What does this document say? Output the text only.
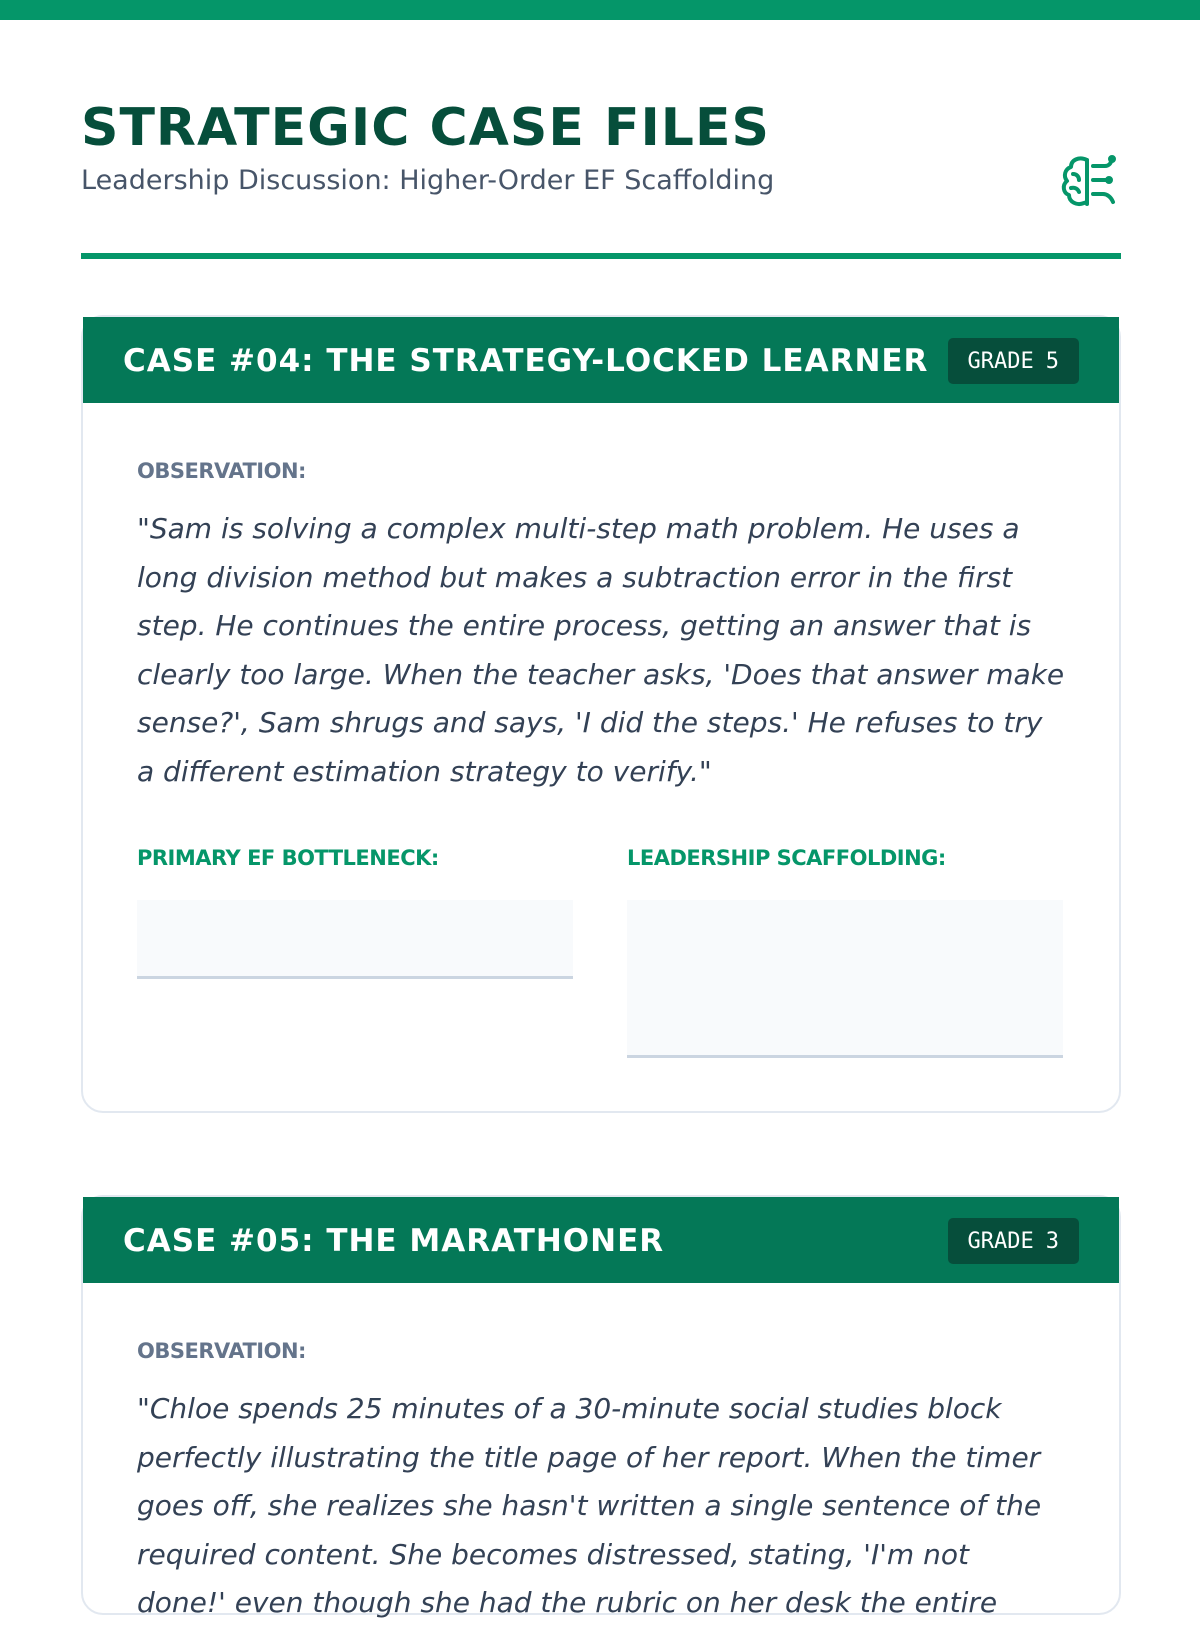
STRATEGIC CASE FILES
Leadership Discussion: Higher-Order EF Scaffolding
CASE #04: THE STRATEGY-LOCKED LEARNER GRADE 5
OBSERVATION:

"Sam is solving a complex multi-step math problem. He uses a long division method but makes a subtraction error in the first step. He continues the entire process, getting an answer that is clearly too large. When the teacher asks, 'Does that answer make sense?', Sam shrugs and says, 'I did the steps.' He refuses to try a different estimation strategy to verify."

PRIMARY EF BOTTLENECK:	LEADERSHIP SCAFFOLDING:
CASE #05: THE MARATHONER	GRADE 3
OBSERVATION:

"Chloe spends 25 minutes of a 30-minute social studies block perfectly illustrating the title page of her report. When the timer goes off, she realizes she hasn't written a single sentence of the required content. She becomes distressed, stating, 'I'm not done!' even though she had the rubric on her desk the entire
